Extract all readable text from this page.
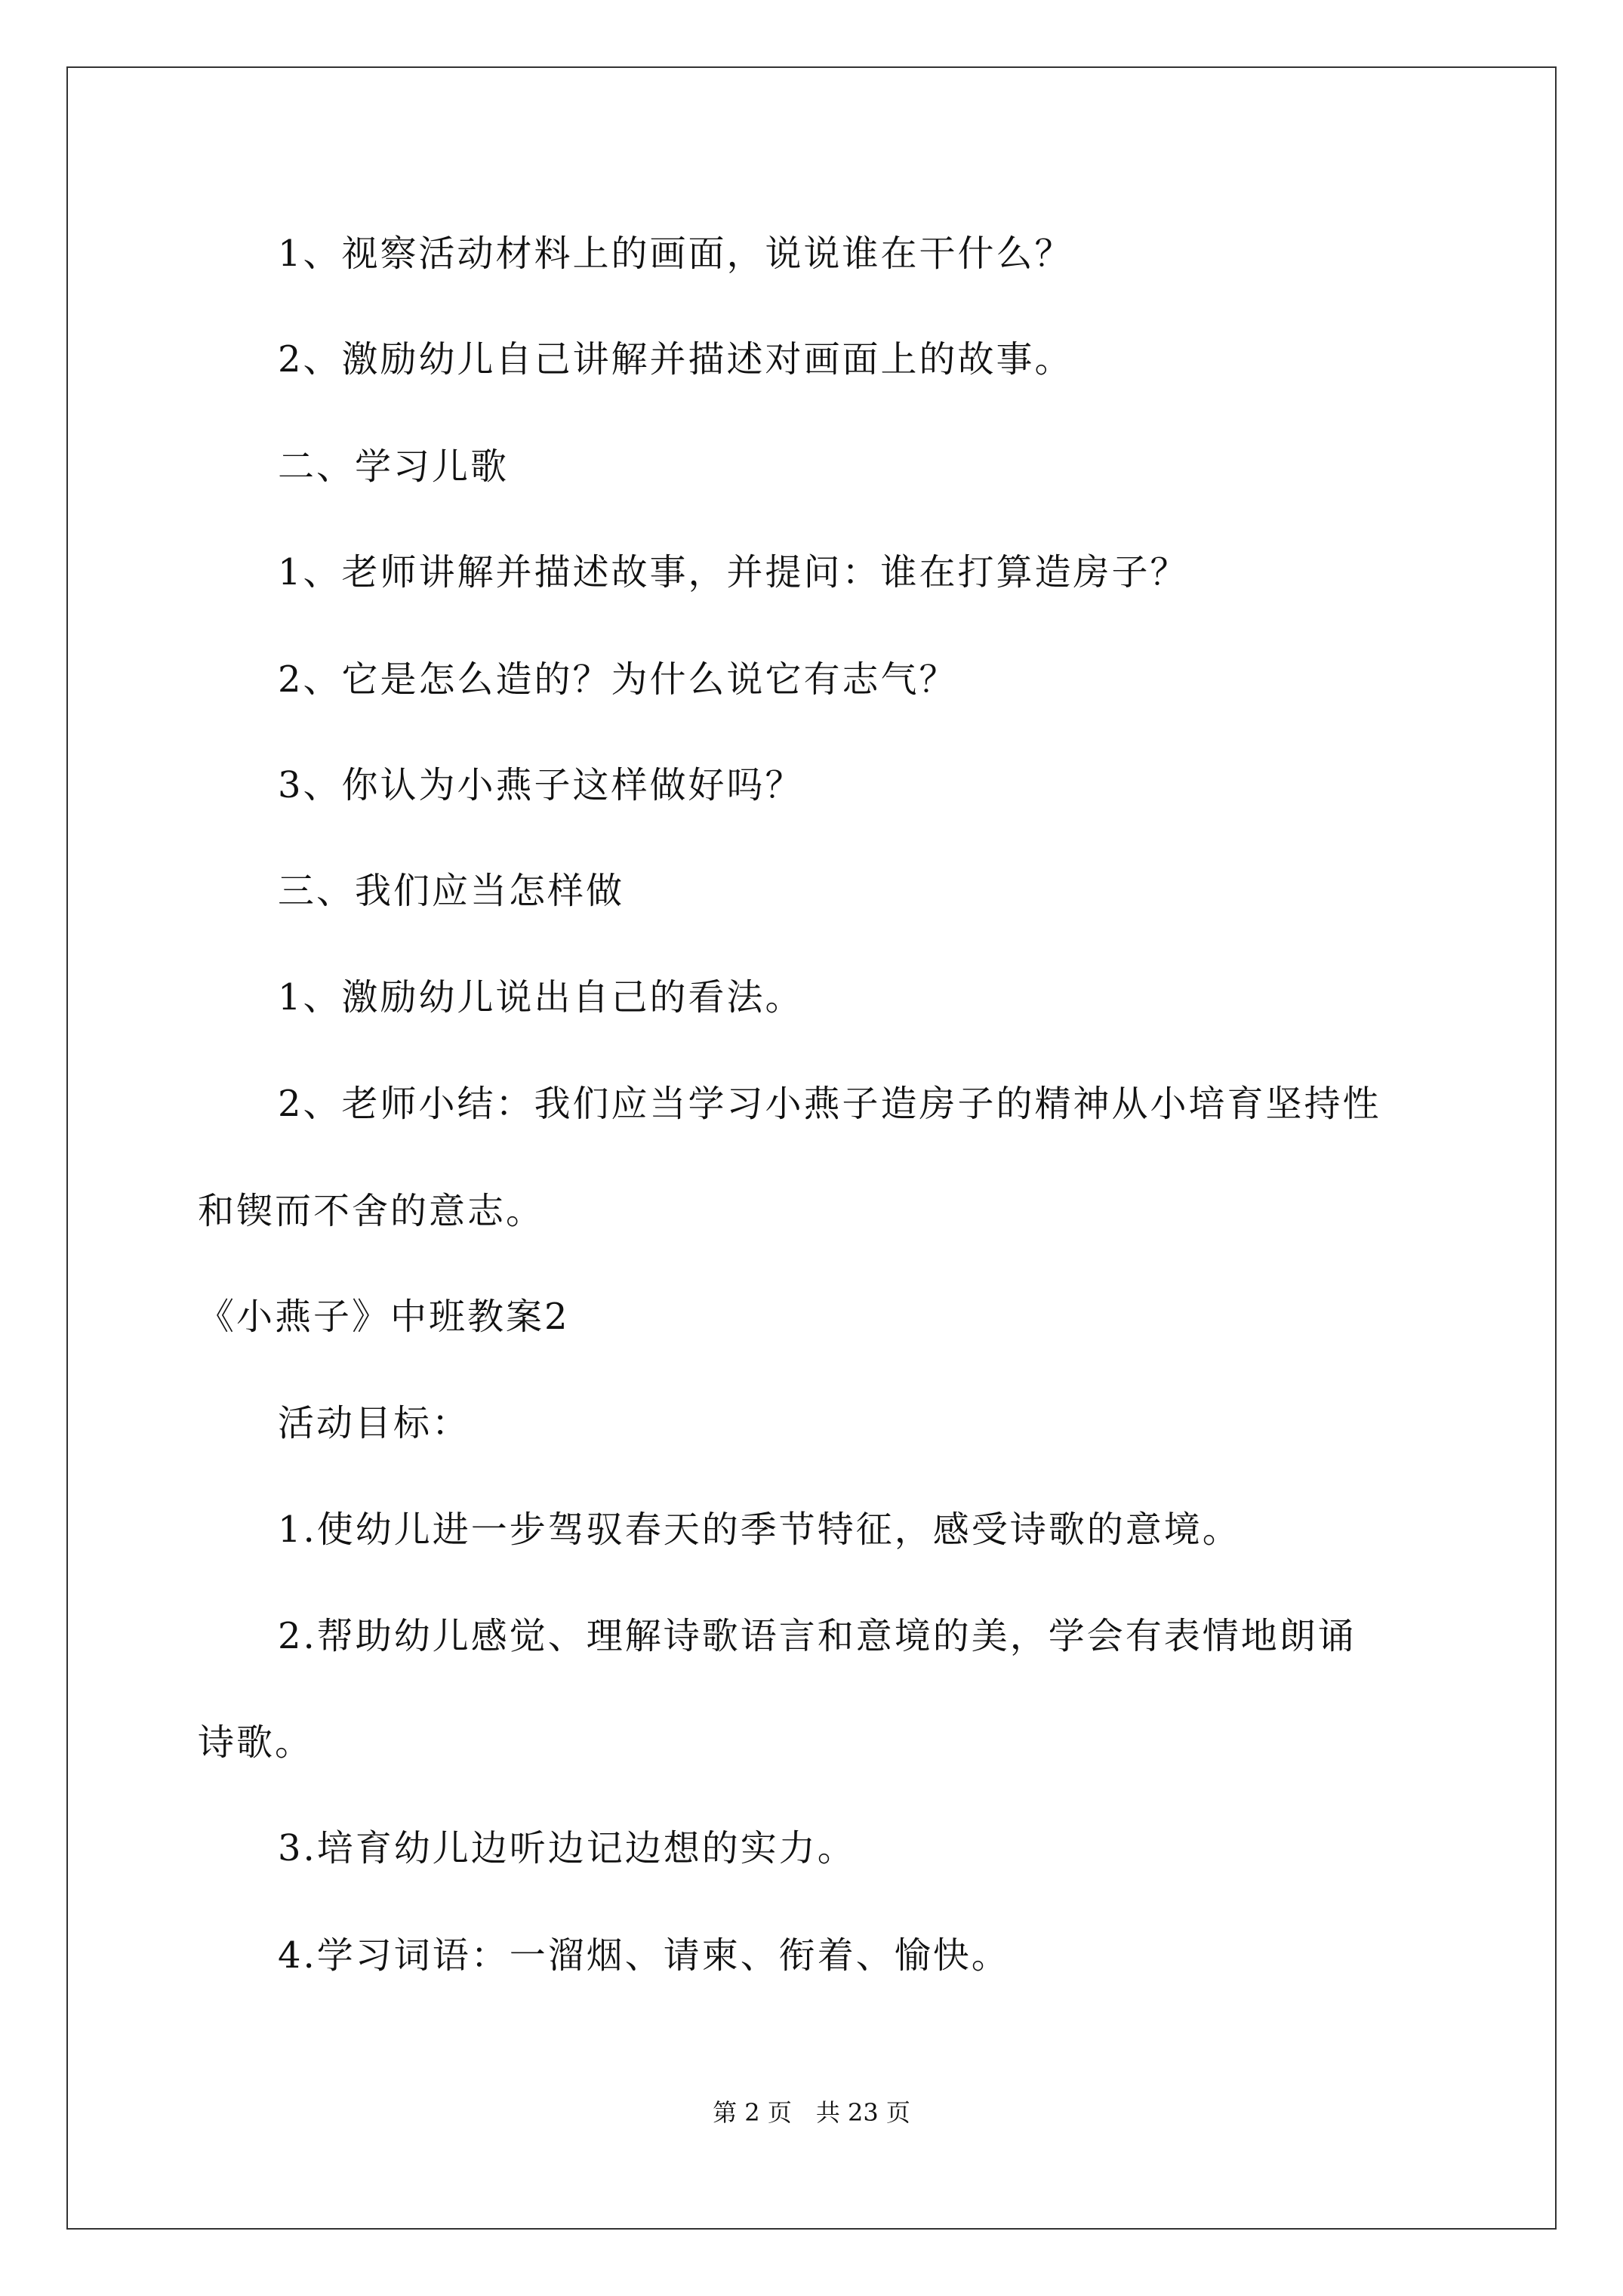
1、视察活动材料上的画面，说说谁在干什么？
2、激励幼儿自己讲解并描述对画面上的故事。
二、学习儿歌
1、老师讲解并描述故事，并提问：谁在打算造房子？
2、它是怎么造的？为什么说它有志气？
3、你认为小燕子这样做好吗？
三、我们应当怎样做
1、激励幼儿说出自己的看法。
2、老师小结：我们应当学习小燕子造房子的精神从小培育坚持性
和锲而不舍的意志。
《小燕子》中班教案2
活动目标：
1.使幼儿进一步驾驭春天的季节特征，感受诗歌的意境。
2.帮助幼儿感觉、理解诗歌语言和意境的美，学会有表情地朗诵
诗歌。
3.培育幼儿边听边记边想的实力。
4.学习词语：一溜烟、请柬、衔着、愉快。
第 2 页　共 23 页
